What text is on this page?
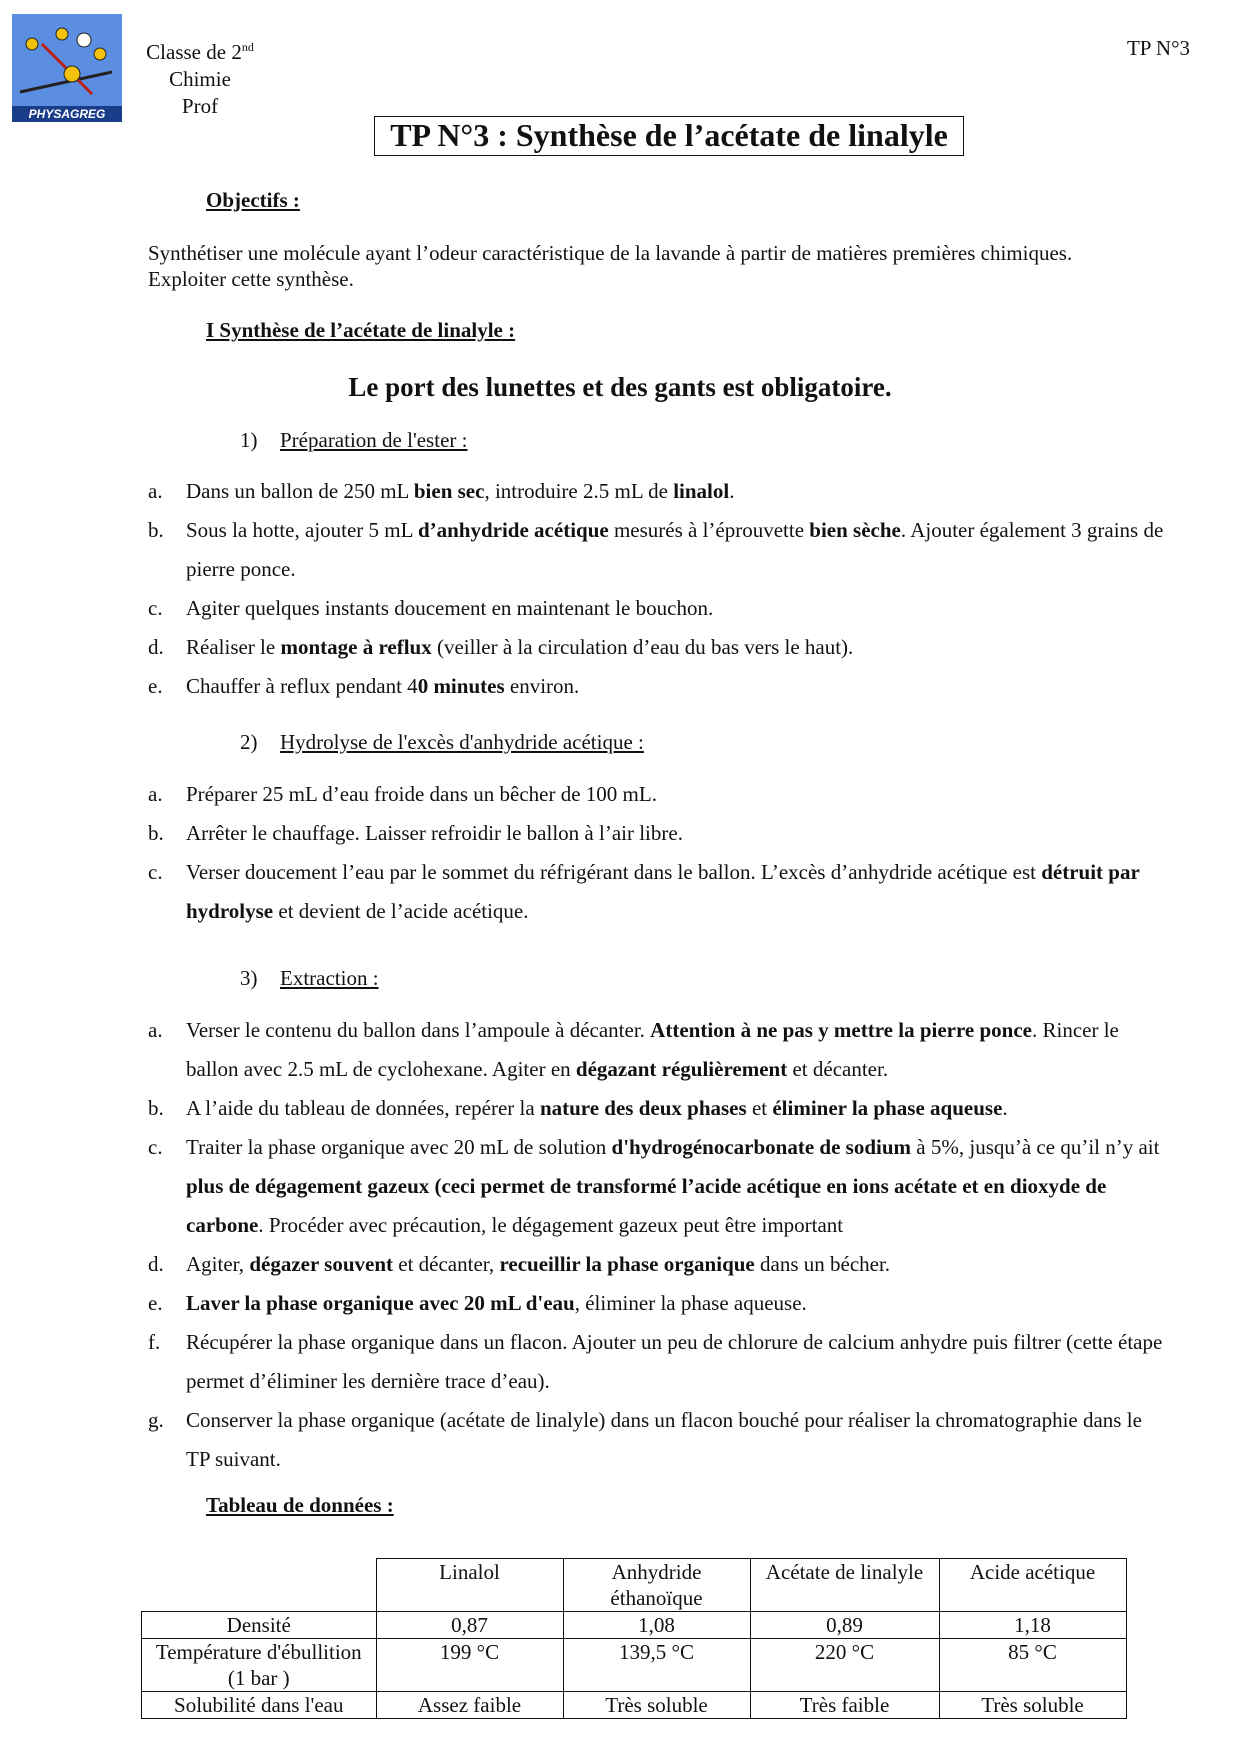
PHYSAGREG
Classe de 2nd
Chimie
Prof
TP N°3
TP N°3 : Synthèse de l’acétate de linalyle
Objectifs :
Synthétiser une molécule ayant l’odeur caractéristique de la lavande à partir de matières premières chimiques.
Exploiter cette synthèse.
I Synthèse de l’acétate de linalyle :
Le port des lunettes et des gants est obligatoire.
1) Préparation de l'ester :
a. Dans un ballon de 250 mL bien sec, introduire 2.5 mL de linalol.
b. Sous la hotte, ajouter 5 mL d’anhydride acétique mesurés à l’éprouvette bien sèche. Ajouter également 3 grains de pierre ponce.
c. Agiter quelques instants doucement en maintenant le bouchon.
d. Réaliser le montage à reflux (veiller à la circulation d’eau du bas vers le haut).
e. Chauffer à reflux pendant 40 minutes environ.
2) Hydrolyse de l'excès d'anhydride acétique :
a. Préparer 25 mL d’eau froide dans un bêcher de 100 mL.
b. Arrêter le chauffage. Laisser refroidir le ballon à l’air libre.
c. Verser doucement l’eau par le sommet du réfrigérant dans le ballon. L’excès d’anhydride acétique est détruit par hydrolyse et devient de l’acide acétique.
3) Extraction :
a. Verser le contenu du ballon dans l’ampoule à décanter. Attention à ne pas y mettre la pierre ponce. Rincer le ballon avec 2.5 mL de cyclohexane. Agiter en dégazant régulièrement et décanter.
b. A l’aide du tableau de données, repérer la nature des deux phases et éliminer la phase aqueuse.
c. Traiter la phase organique avec 20 mL de solution d'hydrogénocarbonate de sodium à 5%, jusqu’à ce qu’il n’y ait plus de dégagement gazeux (ceci permet de transformé l’acide acétique en ions acétate et en dioxyde de carbone. Procéder avec précaution, le dégagement gazeux peut être important
d. Agiter, dégazer souvent et décanter, recueillir la phase organique dans un bécher.
e. Laver la phase organique avec 20 mL d'eau, éliminer la phase aqueuse.
f. Récupérer la phase organique dans un flacon. Ajouter un peu de chlorure de calcium anhydre puis filtrer (cette étape permet d’éliminer les dernière trace d’eau).
g. Conserver la phase organique (acétate de linalyle) dans un flacon bouché pour réaliser la chromatographie dans le TP suivant.
Tableau de données :
	Linalol	Anhydride éthanoïque	Acétate de linalyle	Acide acétique
Densité	0,87	1,08	0,89	1,18
Température d'ébullition (1 bar )	199 °C	139,5 °C	220 °C	85 °C
Solubilité dans l'eau	Assez faible	Très soluble	Très faible	Très soluble
